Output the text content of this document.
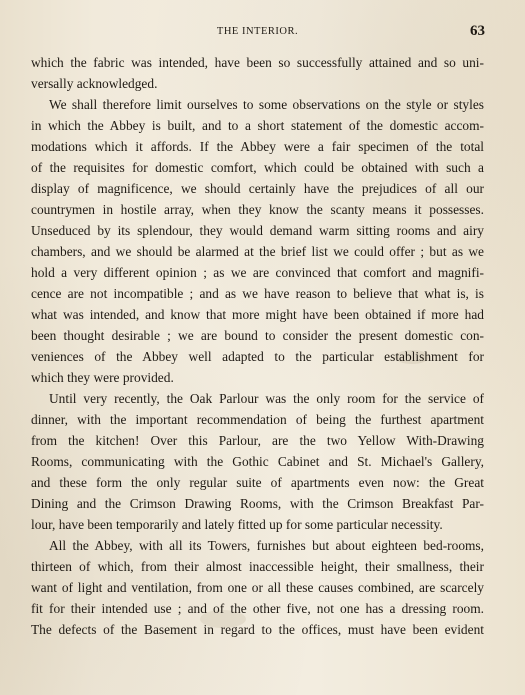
THE INTERIOR.	63
which the fabric was intended, have been so successfully attained and so uni-
versally acknowledged.
We shall therefore limit ourselves to some observations on the style or styles
in which the Abbey is built, and to a short statement of the domestic accom-
modations which it affords. If the Abbey were a fair specimen of the total
of the requisites for domestic comfort, which could be obtained with such a
display of magnificence, we should certainly have the prejudices of all our
countrymen in hostile array, when they know the scanty means it possesses.
Unseduced by its splendour, they would demand warm sitting rooms and airy
chambers, and we should be alarmed at the brief list we could offer ; but as we
hold a very different opinion ; as we are convinced that comfort and magnifi-
cence are not incompatible ; and as we have reason to believe that what is, is
what was intended, and know that more might have been obtained if more had
been thought desirable ; we are bound to consider the present domestic con-
veniences of the Abbey well adapted to the particular establishment for
which they were provided.
Until very recently, the Oak Parlour was the only room for the service of
dinner, with the important recommendation of being the furthest apartment
from the kitchen! Over this Parlour, are the two Yellow With-Drawing
Rooms, communicating with the Gothic Cabinet and St. Michael's Gallery,
and these form the only regular suite of apartments even now: the Great
Dining and the Crimson Drawing Rooms, with the Crimson Breakfast Par-
lour, have been temporarily and lately fitted up for some particular necessity.
All the Abbey, with all its Towers, furnishes but about eighteen bed-rooms,
thirteen of which, from their almost inaccessible height, their smallness, their
want of light and ventilation, from one or all these causes combined, are scarcely
fit for their intended use ; and of the other five, not one has a dressing room.
The defects of the Basement in regard to the offices, must have been evident
